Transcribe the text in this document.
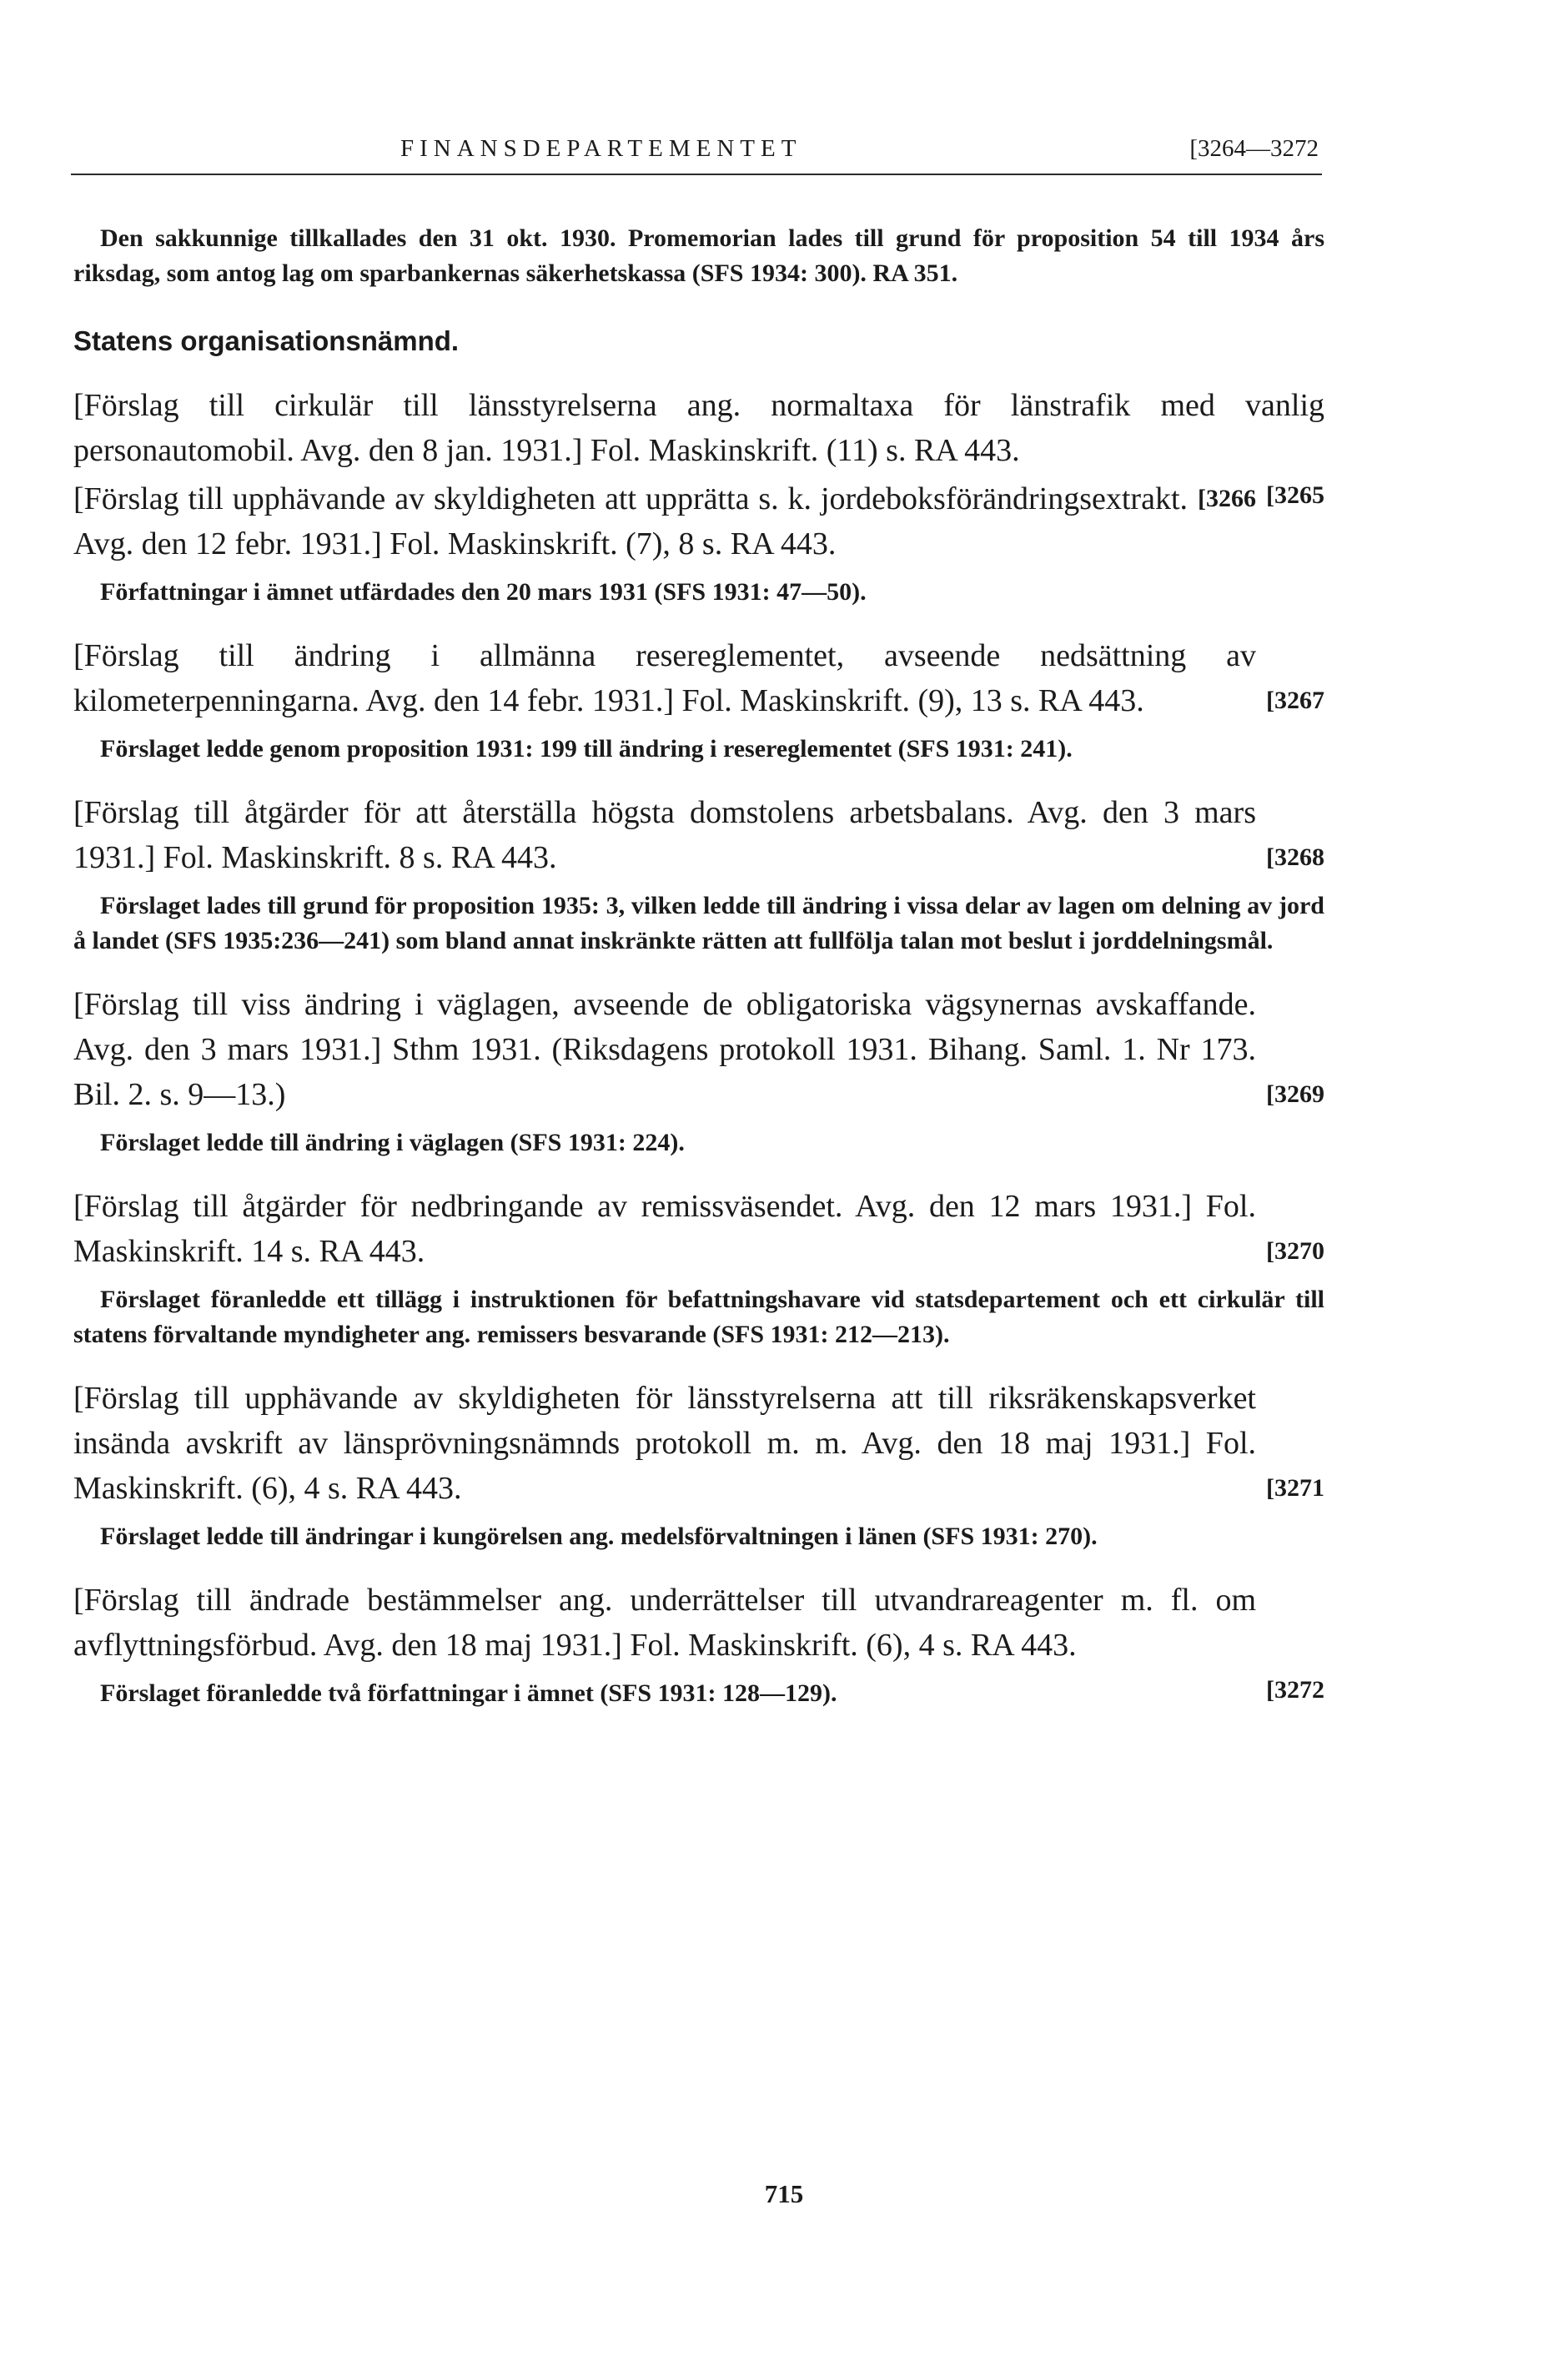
FINANSDEPARTEMENTET	[3264—3272

Den sakkunnige tillkallades den 31 okt. 1930. Promemorian lades till grund för proposition 54 till 1934 års riksdag, som antog lag om sparbankernas säkerhetskassa (SFS 1934: 300). RA 351.

Statens organisationsnämnd.

[Förslag till cirkulär till länsstyrelserna ang. normaltaxa för länstrafik med vanlig personautomobil. Avg. den 8 jan. 1931.] Fol. Maskinskrift. (11) s. RA 443.

[3265

[3266
[Förslag till upphävande av skyldigheten att upprätta s. k. jordeboksförändringsextrakt. Avg. den 12 febr. 1931.] Fol. Maskinskrift. (7), 8 s. RA 443.

Författningar i ämnet utfärdades den 20 mars 1931 (SFS 1931: 47—50).

[3267
[Förslag till ändring i allmänna resereglementet, avseende nedsättning av kilometerpenningarna. Avg. den 14 febr. 1931.] Fol. Maskinskrift. (9), 13 s. RA 443.

Förslaget ledde genom proposition 1931: 199 till ändring i resereglementet (SFS 1931: 241).

[3268
[Förslag till åtgärder för att återställa högsta domstolens arbetsbalans. Avg. den 3 mars 1931.] Fol. Maskinskrift. 8 s. RA 443.

Förslaget lades till grund för proposition 1935: 3, vilken ledde till ändring i vissa delar av lagen om delning av jord å landet (SFS 1935:236—241) som bland annat inskränkte rätten att fullfölja talan mot beslut i jorddelningsmål.

[3269
[Förslag till viss ändring i väglagen, avseende de obligatoriska vägsynernas avskaffande. Avg. den 3 mars 1931.] Sthm 1931. (Riksdagens protokoll 1931. Bihang. Saml. 1. Nr 173. Bil. 2. s. 9—13.)

Förslaget ledde till ändring i väglagen (SFS 1931: 224).

[3270
[Förslag till åtgärder för nedbringande av remissväsendet. Avg. den 12 mars 1931.] Fol. Maskinskrift. 14 s. RA 443.

Förslaget föranledde ett tillägg i instruktionen för befattningshavare vid statsdepartement och ett cirkulär till statens förvaltande myndigheter ang. remissers besvarande (SFS 1931: 212—213).

[3271
[Förslag till upphävande av skyldigheten för länsstyrelserna att till riksräkenskapsverket insända avskrift av länsprövningsnämnds protokoll m. m. Avg. den 18 maj 1931.] Fol. Maskinskrift. (6), 4 s. RA 443.

Förslaget ledde till ändringar i kungörelsen ang. medelsförvaltningen i länen (SFS 1931: 270).

[3272
[Förslag till ändrade bestämmelser ang. underrättelser till utvandrareagenter m. fl. om avflyttningsförbud. Avg. den 18 maj 1931.] Fol. Maskinskrift. (6), 4 s. RA 443.

Förslaget föranledde två författningar i ämnet (SFS 1931: 128—129).

715
